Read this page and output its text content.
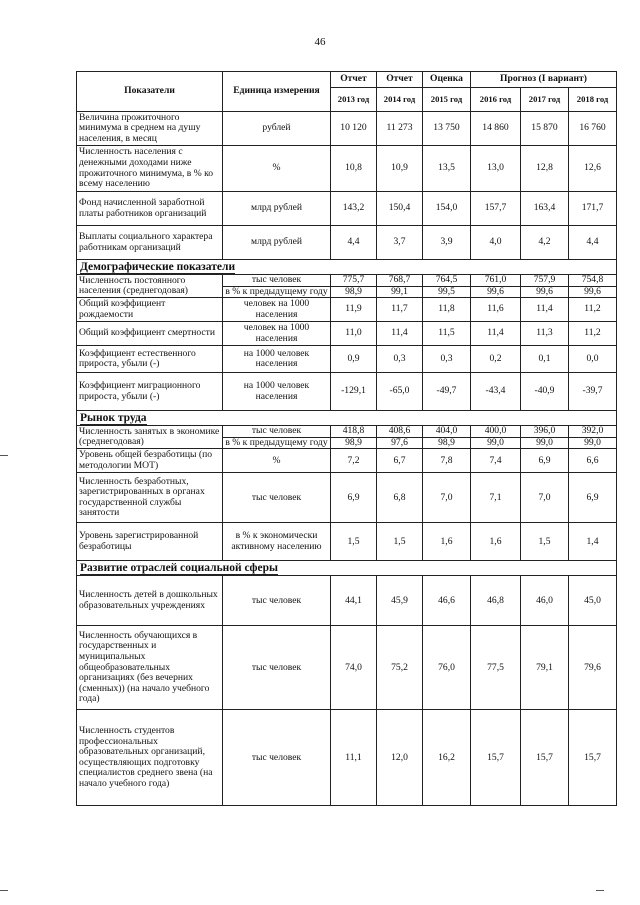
46
Показатели	Единица измерения	Отчет	Отчет	Оценка	Прогноз (I вариант)		
		2013 год	2014 год	2015 год	2016 год	2017 год	2018 год
Величина прожиточного минимума в среднем на душу населения, в месяц	рублей	10 120	11 273	13 750	14 860	15 870	16 760
Численность населения с денежными доходами ниже прожиточного минимума, в % ко всему населению	%	10,8	10,9	13,5	13,0	12,8	12,6
Фонд начисленной заработной платы работников организаций	млрд рублей	143,2	150,4	154,0	157,7	163,4	171,7
Выплаты социального характера работникам организаций	млрд рублей	4,4	3,7	3,9	4,0	4,2	4,4
Демографические показатели							
Численность постоянного населения (среднегодовая)	тыс человек	775,7	768,7	764,5	761,0	757,9	754,8
	в % к предыдущему году	98,9	99,1	99,5	99,6	99,6	99,6
Общий коэффициент рождаемости	человек на 1000 населения	11,9	11,7	11,8	11,6	11,4	11,2
Общий коэффициент смертности	человек на 1000 населения	11,0	11,4	11,5	11,4	11,3	11,2
Коэффициент естественного прироста, убыли (-)	на 1000 человек населения	0,9	0,3	0,3	0,2	0,1	0,0
Коэффициент миграционного прироста, убыли (-)	на 1000 человек населения	-129,1	-65,0	-49,7	-43,4	-40,9	-39,7
Рынок труда							
Численность занятых в экономике (среднегодовая)	тыс человек	418,8	408,6	404,0	400,0	396,0	392,0
	в % к предыдущему году	98,9	97,6	98,9	99,0	99,0	99,0
Уровень общей безработицы (по методологии МОТ)	%	7,2	6,7	7,8	7,4	6,9	6,6
Численность безработных, зарегистрированных в органах государственной службы занятости	тыс человек	6,9	6,8	7,0	7,1	7,0	6,9
Уровень зарегистрированной безработицы	в % к экономически активному населению	1,5	1,5	1,6	1,6	1,5	1,4
Развитие отраслей социальной сферы							
Численность детей в дошкольных образовательных учреждениях	тыс человек	44,1	45,9	46,6	46,8	46,0	45,0
Численность обучающихся в государственных и муниципальных общеобразовательных организациях (без вечерних (сменных)) (на начало учебного года)	тыс человек	74,0	75,2	76,0	77,5	79,1	79,6
Численность студентов профессиональных образовательных организаций, осуществляющих подготовку специалистов среднего звена (на начало учебного года)	тыс человек	11,1	12,0	16,2	15,7	15,7	15,7
